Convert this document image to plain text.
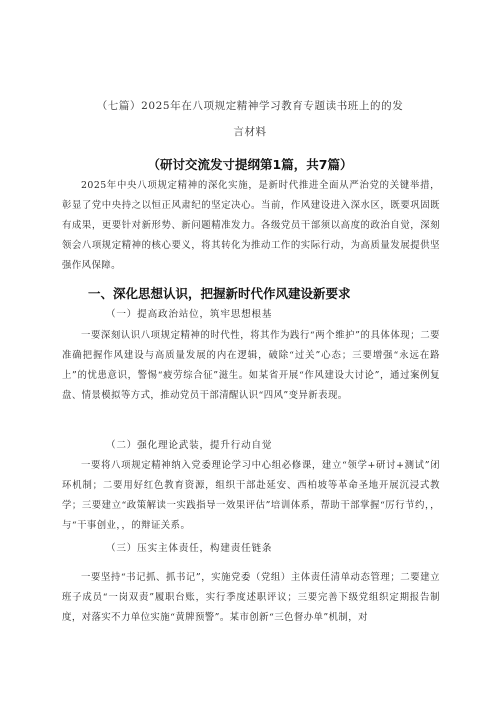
（七篇）2025年在八项规定精神学习教育专题读书班上的的发
言材料
（研讨交流发寸提纲第1篇，共7篇）
2025年中央八项规定精神的深化实施，是新时代推进全面从严治党的关键举措，彰显了党中央持之以恒正风肃纪的坚定决心。当前，作风建设进入深水区，既要巩固既有成果，更要针对新形势、新问题精准发力。各级党员干部须以高度的政治自觉，深刻领会八项规定精神的核心要义，将其转化为推动工作的实际行动，为高质量发展提供坚强作风保障。
一、深化思想认识，把握新时代作风建设新要求
（一）提高政治站位，筑牢思想根基
一要深刻认识八项规定精神的时代性，将其作为践行“两个维护”的具体体现；二要准确把握作风建设与高质量发展的内在逻辑，破除“过关”心态；三要增强“永远在路上”的忧患意识，警惕“疲劳综合征”滋生。如某省开展“作风建设大讨论”，通过案例复盘、情景模拟等方式，推动党员干部清醒认识“四风”变异新表现。
（二）强化理论武装，提升行动自觉
一要将八项规定精神纳入党委理论学习中心组必修课，建立“领学+研讨+测试”闭环机制；二要用好红色教育资源，组织干部赴延安、西柏坡等革命圣地开展沉浸式教学；三要建立“政策解读一实践指导一效果评估”培训体系，帮助干部掌握“厉行节约，，与“干事创业，，的辩证关系。
（三）压实主体责任，构建责任链条
一要坚持“书记抓、抓书记”，实施党委（党组）主体责任清单动态管理；二要建立班子成员“一岗双责”履职台账，实行季度述职评议；三要完善下级党组织定期报告制度，对落实不力单位实施“黄牌预警”。某市创新“三色督办单”机制，对
